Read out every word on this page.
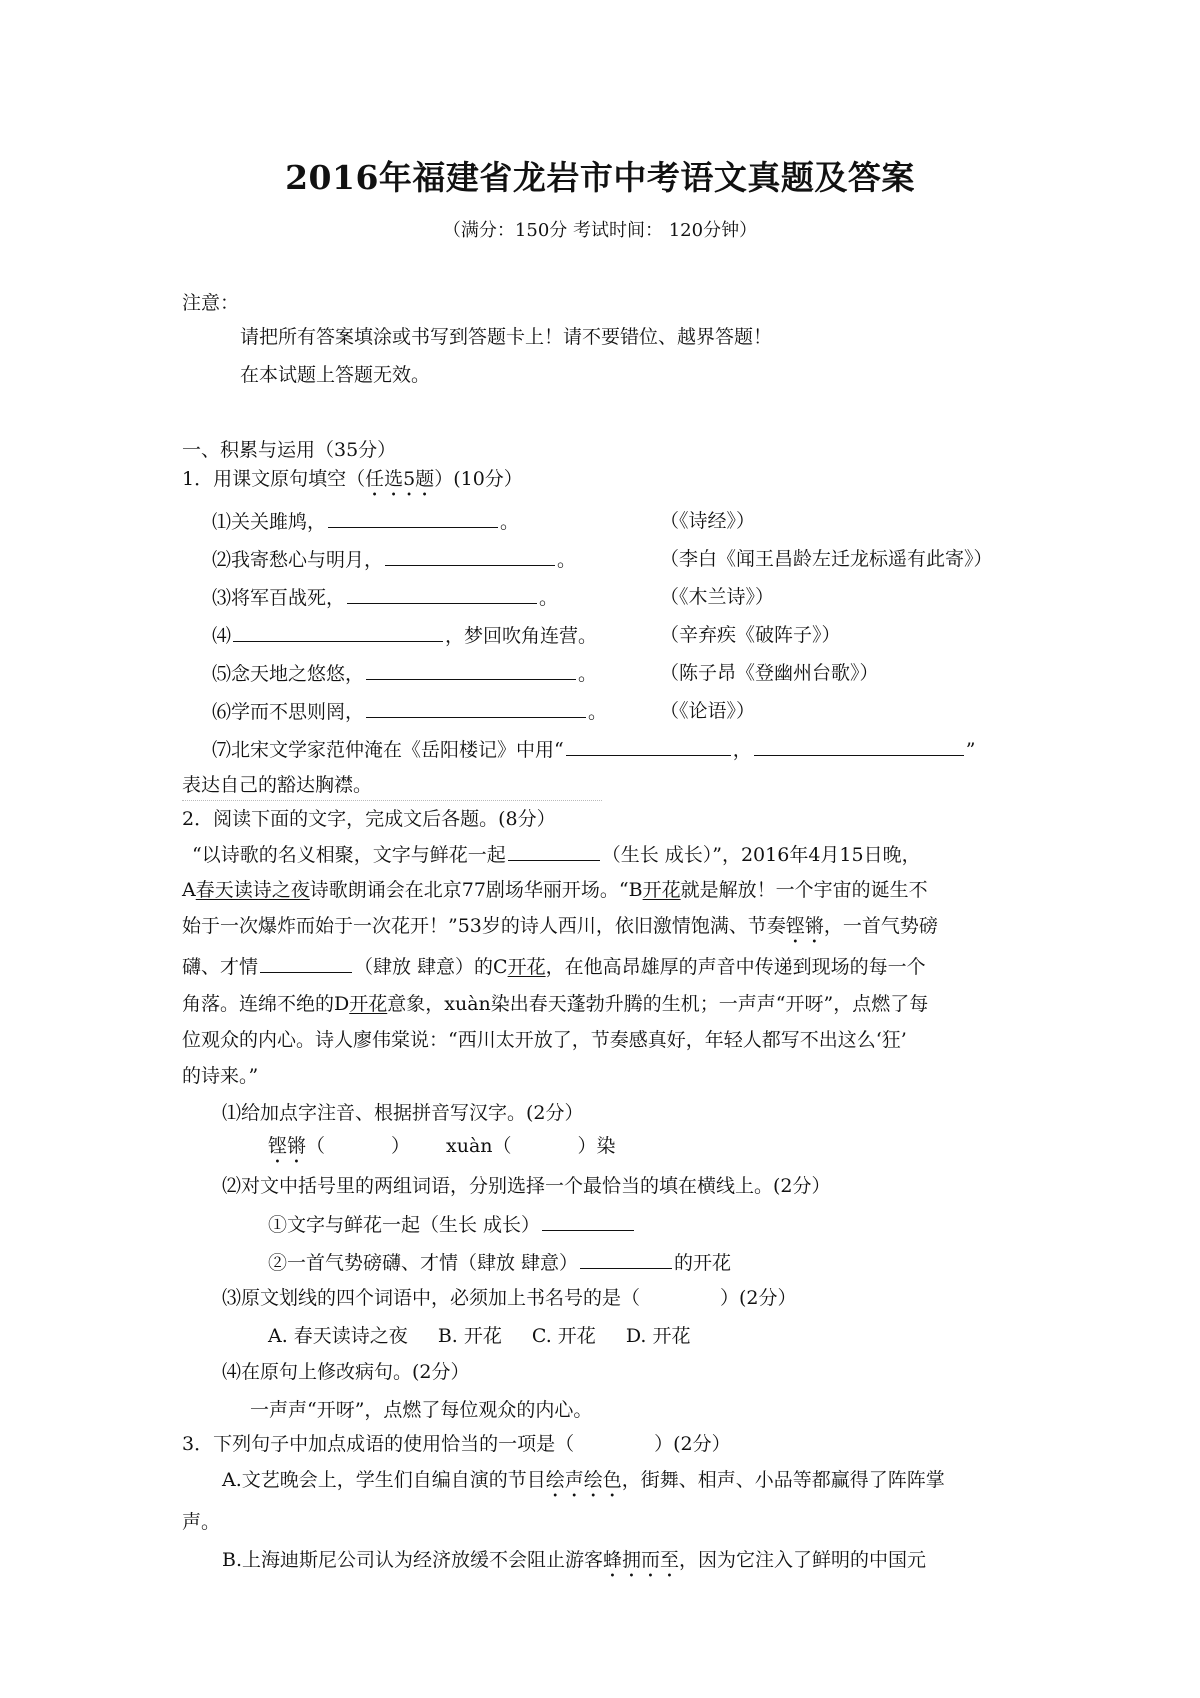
2016年福建省龙岩市中考语文真题及答案
（满分：150分 考试时间： 120分钟）
注意：
请把所有答案填涂或书写到答题卡上！请不要错位、越界答题！
在本试题上答题无效。
一、积累与运用（35分）
1．用课文原句填空（任选5题）(10分）
⑴关关雎鸠，	。	（《诗经》）
⑵我寄愁心与明月，	。	（李白《闻王昌龄左迁龙标遥有此寄》）
⑶将军百战死，	。	（《木兰诗》）
⑷	，梦回吹角连营。	（辛弃疾《破阵子》）
⑸念天地之悠悠，	。	（陈子昂《登幽州台歌》）
⑹学而不思则罔，	。	（《论语》）
⑺北宋文学家范仲淹在《岳阳楼记》中用“	，	”
表达自己的豁达胸襟。
2．阅读下面的文字，完成文后各题。(8分）
“以诗歌的名义相聚，文字与鲜花一起	（生长 成长）”，2016年4月15日晚，
A春天读诗之夜诗歌朗诵会在北京77剧场华丽开场。“B开花就是解放！一个宇宙的诞生不
始于一次爆炸而始于一次花开！”53岁的诗人西川，依旧激情饱满、节奏铿锵，一首气势磅
礴、才情	（肆放 肆意）的C开花，在他高昂雄厚的声音中传递到现场的每一个
角落。连绵不绝的D开花意象，xuàn染出春天蓬勃升腾的生机；一声声“开呀”，点燃了每
位观众的内心。诗人廖伟棠说：“西川太开放了，节奏感真好，年轻人都写不出这么‘狂’
的诗来。”
⑴给加点字注音、根据拼音写汉字。(2分）
铿锵（	） xuàn（	）染
⑵对文中括号里的两组词语，分别选择一个最恰当的填在横线上。(2分）
①文字与鲜花一起（生长 成长）
②一首气势磅礴、才情（肆放 肆意）	的开花
⑶原文划线的四个词语中，必须加上书名号的是（	）(2分）
A. 春天读诗之夜 B. 开花 C. 开花 D. 开花
⑷在原句上修改病句。(2分）
一声声“开呀”，点燃了每位观众的内心。
3．下列句子中加点成语的使用恰当的一项是（	）(2分）
A.文艺晚会上，学生们自编自演的节目绘声绘色，街舞、相声、小品等都赢得了阵阵掌
声。
B.上海迪斯尼公司认为经济放缓不会阻止游客蜂拥而至，因为它注入了鲜明的中国元
